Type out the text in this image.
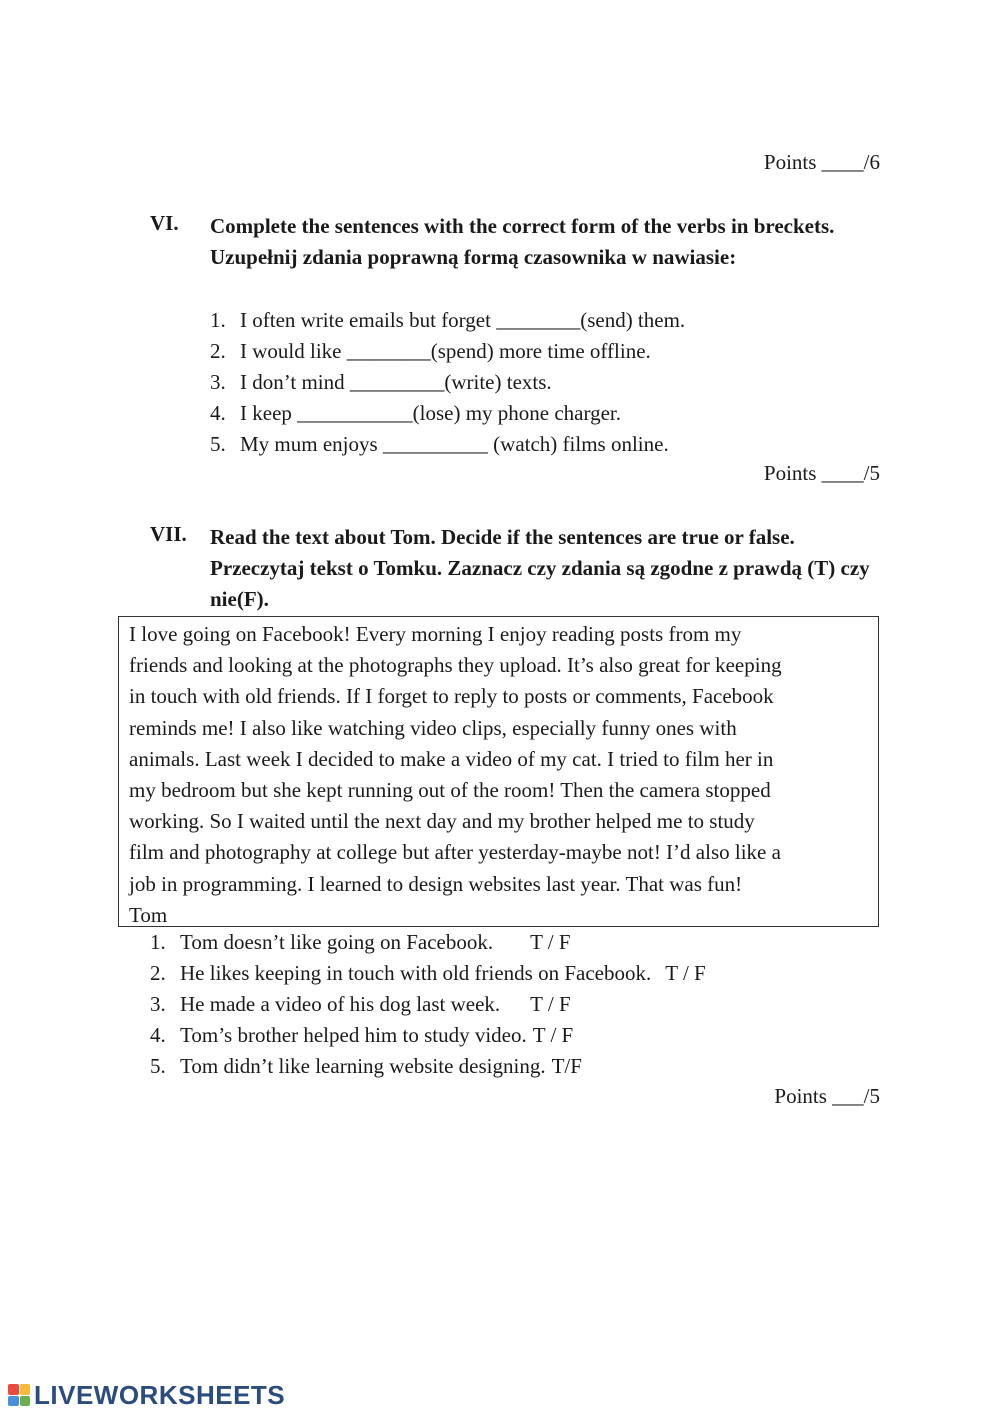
Points ____/6
VI. Complete the sentences with the correct form of the verbs in breckets. Uzupełnij zdania poprawną formą czasownika w nawiasie:
1. I often write emails but forget ________(send) them.
2. I would like ________(spend) more time offline.
3. I don’t mind _________(write) texts.
4. I keep ___________(lose) my phone charger.
5. My mum enjoys __________ (watch) films online.
Points ____/5
VII. Read the text about Tom. Decide if the sentences are true or false. Przeczytaj tekst o Tomku. Zaznacz czy zdania są zgodne z prawdą (T) czy nie(F).
I love going on Facebook! Every morning I enjoy reading posts from my
friends and looking at the photographs they upload. It’s also great for keeping
in touch with old friends. If I forget to reply to posts or comments, Facebook
reminds me! I also like watching video clips, especially funny ones with
animals. Last week I decided to make a video of my cat. I tried to film her in
my bedroom but she kept running out of the room! Then the camera stopped
working. So I waited until the next day and my brother helped me to study
film and photography at college but after yesterday-maybe not! I’d also like a
job in programming. I learned to design websites last year. That was fun!
Tom
1. Tom doesn’t like going on Facebook. T / F
2. He likes keeping in touch with old friends on Facebook. T / F
3. He made a video of his dog last week. T / F
4. Tom’s brother helped him to study video. T / F
5. Tom didn’t like learning website designing. T/F
Points ___/5
LIVEWORKSHEETS
